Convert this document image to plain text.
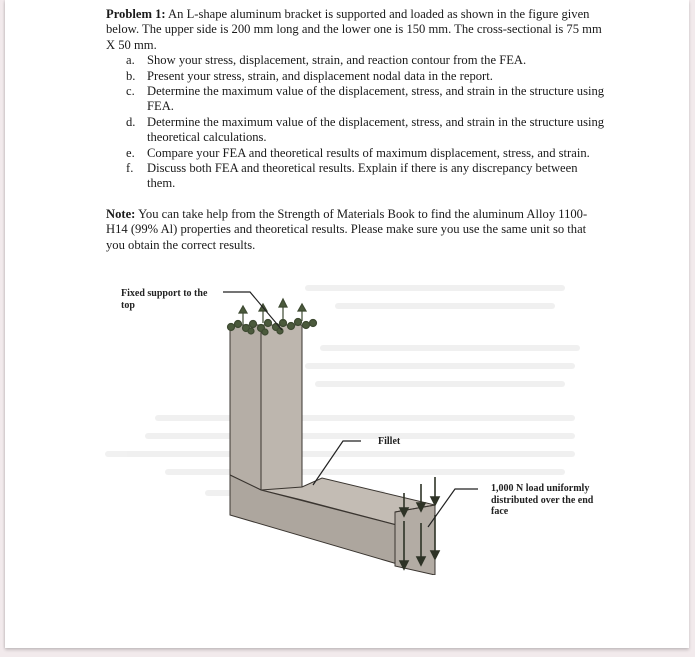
Problem 1: An L-shape aluminum bracket is supported and loaded as shown in the figure given below. The upper side is 200 mm long and the lower one is 150 mm. The cross-sectional is 75 mm X 50 mm.

a. Show your stress, displacement, strain, and reaction contour from the FEA.
b. Present your stress, strain, and displacement nodal data in the report.
c. Determine the maximum value of the displacement, stress, and strain in the structure using FEA.
d. Determine the maximum value of the displacement, stress, and strain in the structure using theoretical calculations.
e. Compare your FEA and theoretical results of maximum displacement, stress, and strain.
f. Discuss both FEA and theoretical results. Explain if there is any discrepancy between them.

Note: You can take help from the Strength of Materials Book to find the aluminum Alloy 1100-H14 (99% Al) properties and theoretical results. Please make sure you use the same unit so that you obtain the correct results.

Fixed support to the top
Fillet
1,000 N load uniformly distributed over the end face
